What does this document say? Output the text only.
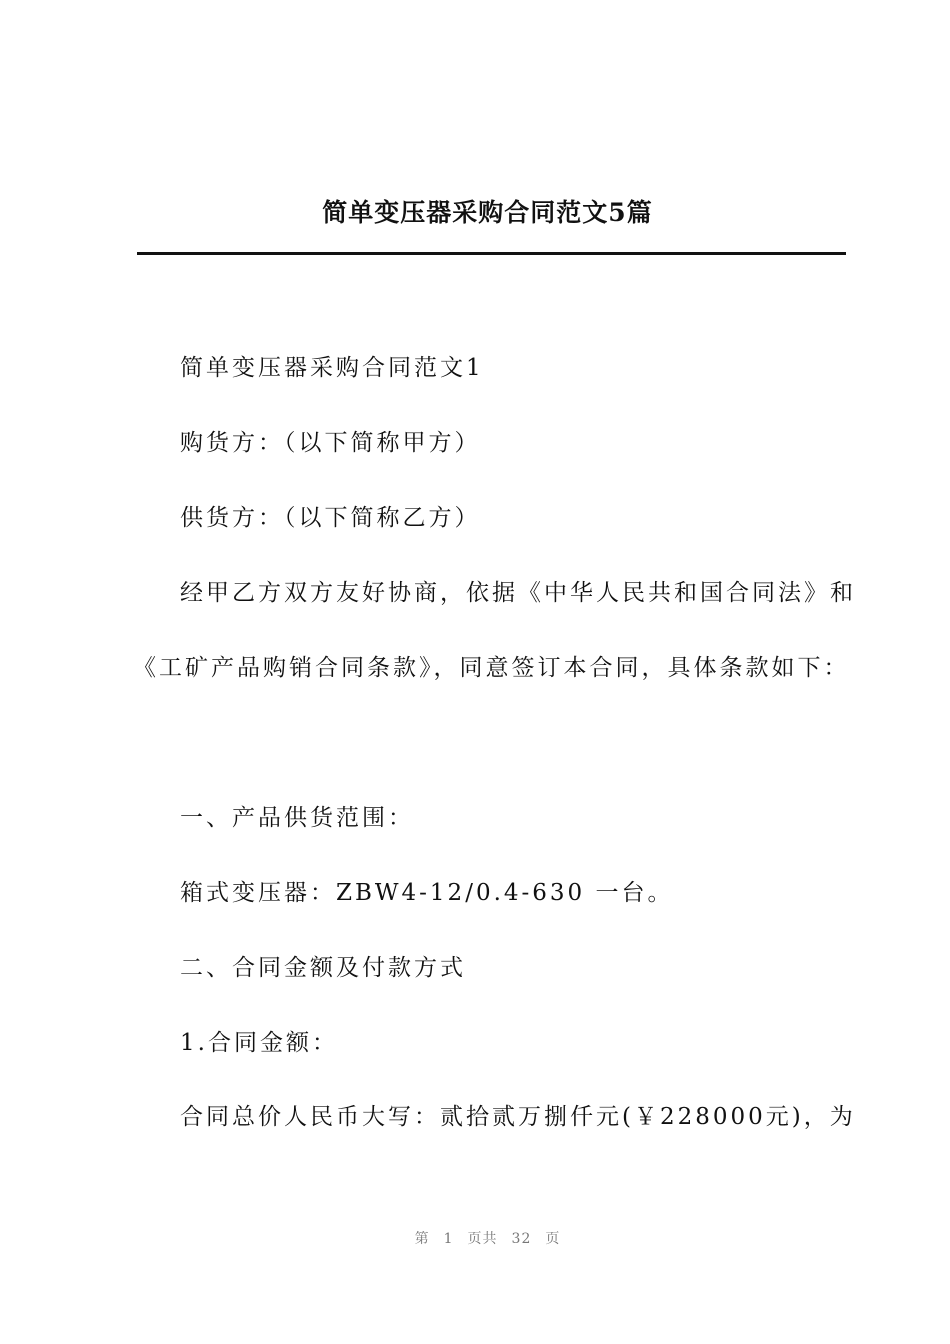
简单变压器采购合同范文5篇

简单变压器采购合同范文1

购货方：（以下简称甲方）

供货方：（以下简称乙方）

经甲乙方双方友好协商，依据《中华人民共和国合同法》和

《工矿产品购销合同条款》，同意签订本合同，具体条款如下：

一、产品供货范围：

箱式变压器：ZBW4-12/0.4-630 一台。

二、合同金额及付款方式

1.合同金额：

合同总价人民币大写：贰拾贰万捌仟元(￥228000元)，为

第 1 页共 32 页
